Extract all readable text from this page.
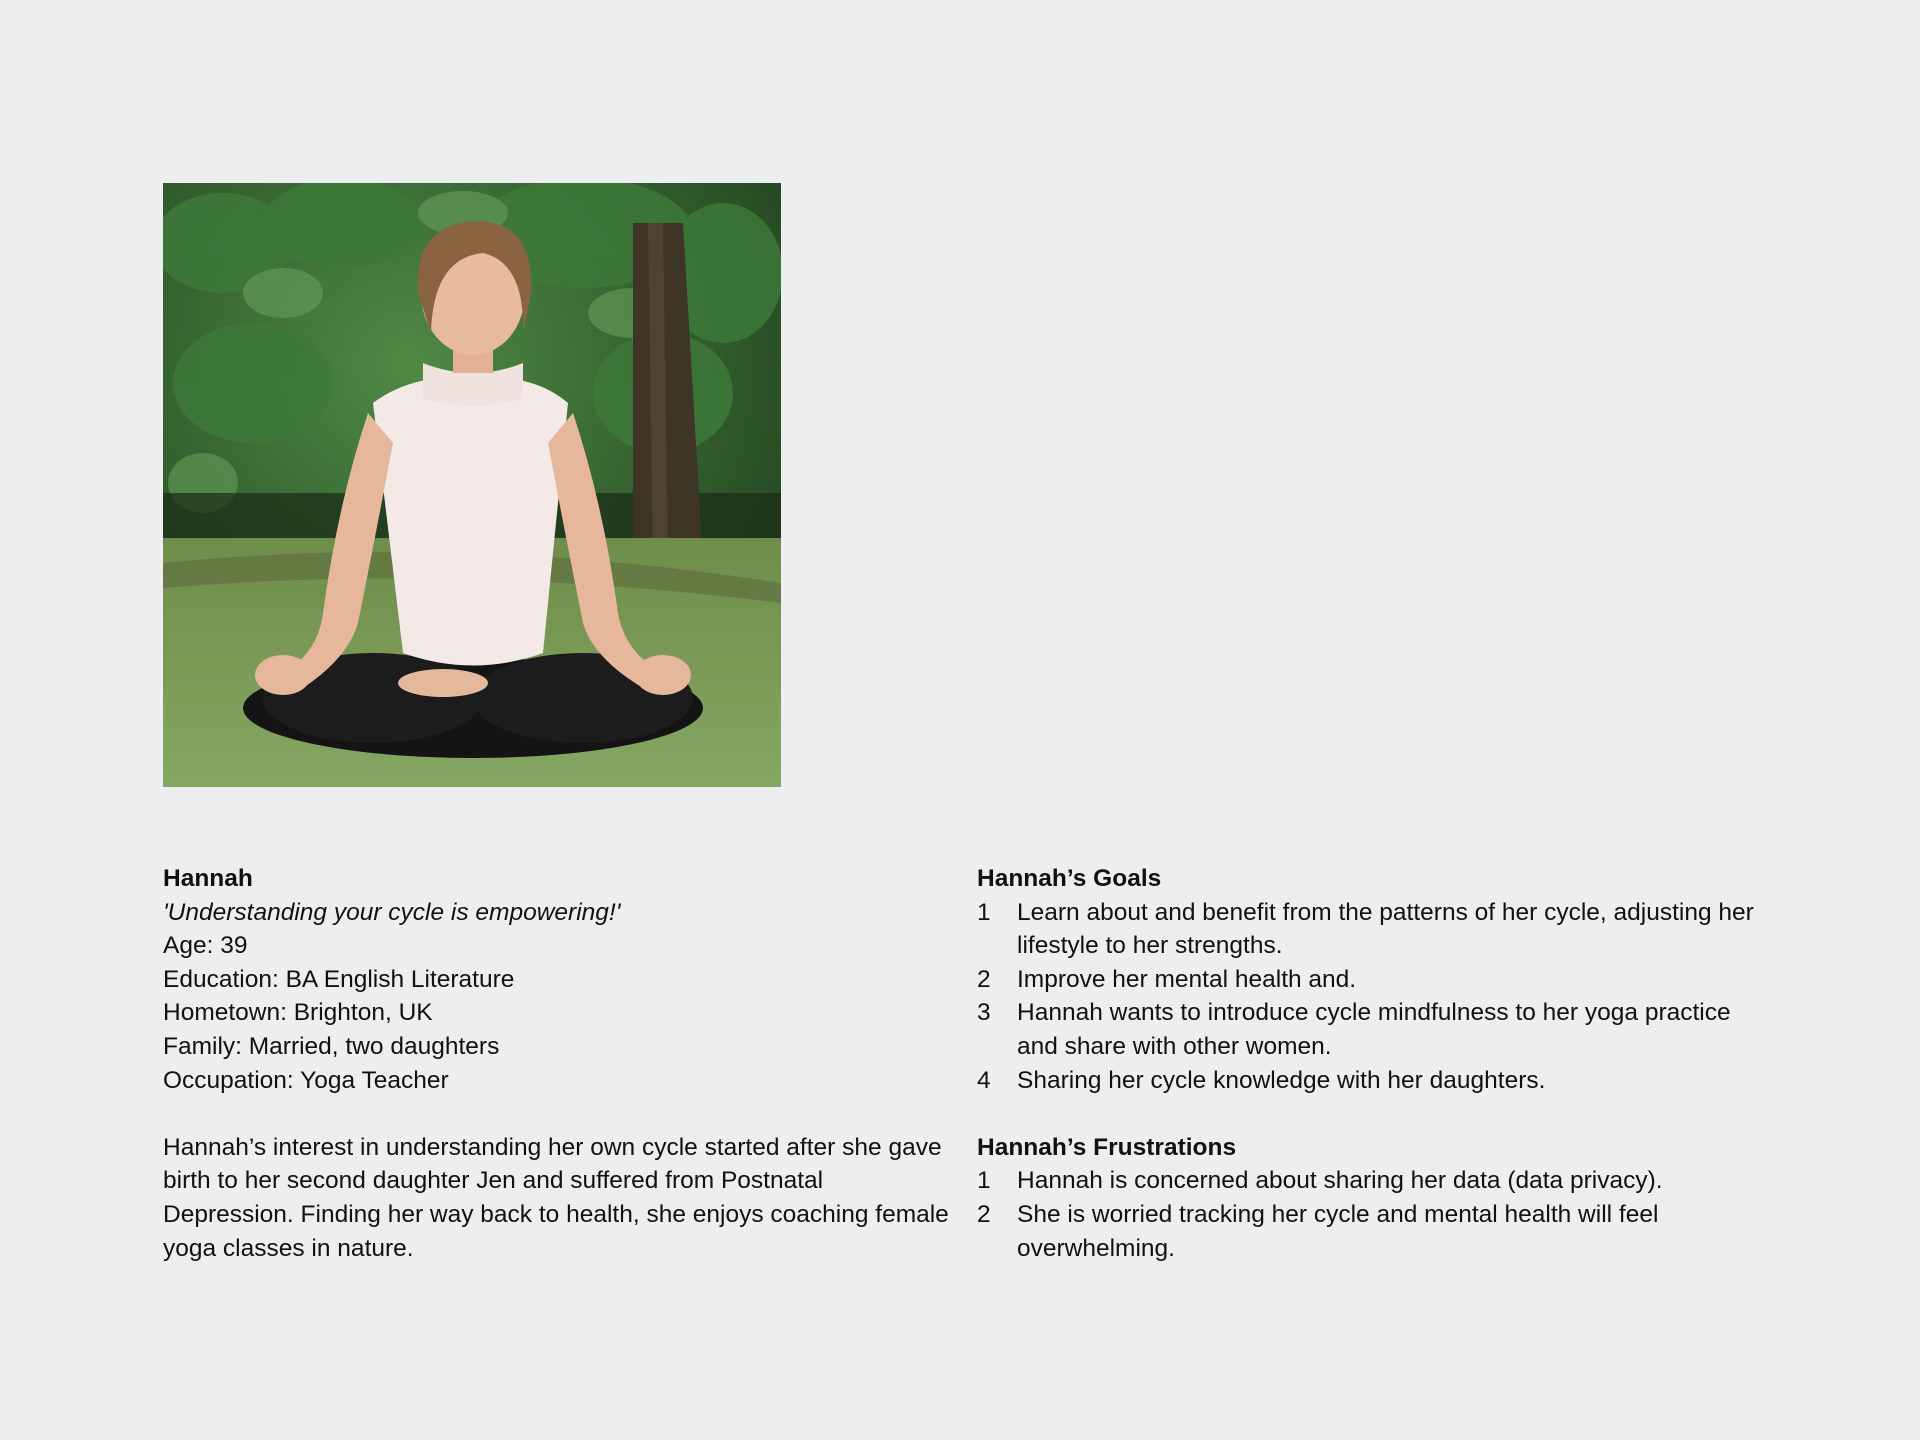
Hannah
'Understanding your cycle is empowering!'
Age: 39
Education: BA English Literature
Hometown: Brighton, UK
Family: Married, two daughters
Occupation: Yoga Teacher
Hannah’s interest in understanding her own cycle started after she gave birth to her second daughter Jen and suffered from Postnatal Depression. Finding her way back to health, she enjoys coaching female yoga classes in nature.
Hannah’s Goals
1 Learn about and benefit from the patterns of her cycle, adjusting her lifestyle to her strengths.
2 Improve her mental health and.
3 Hannah wants to introduce cycle mindfulness to her yoga practice and share with other women.
4 Sharing her cycle knowledge with her daughters.
Hannah’s Frustrations
1 Hannah is concerned about sharing her data (data privacy).
2 She is worried tracking her cycle and mental health will feel overwhelming.
